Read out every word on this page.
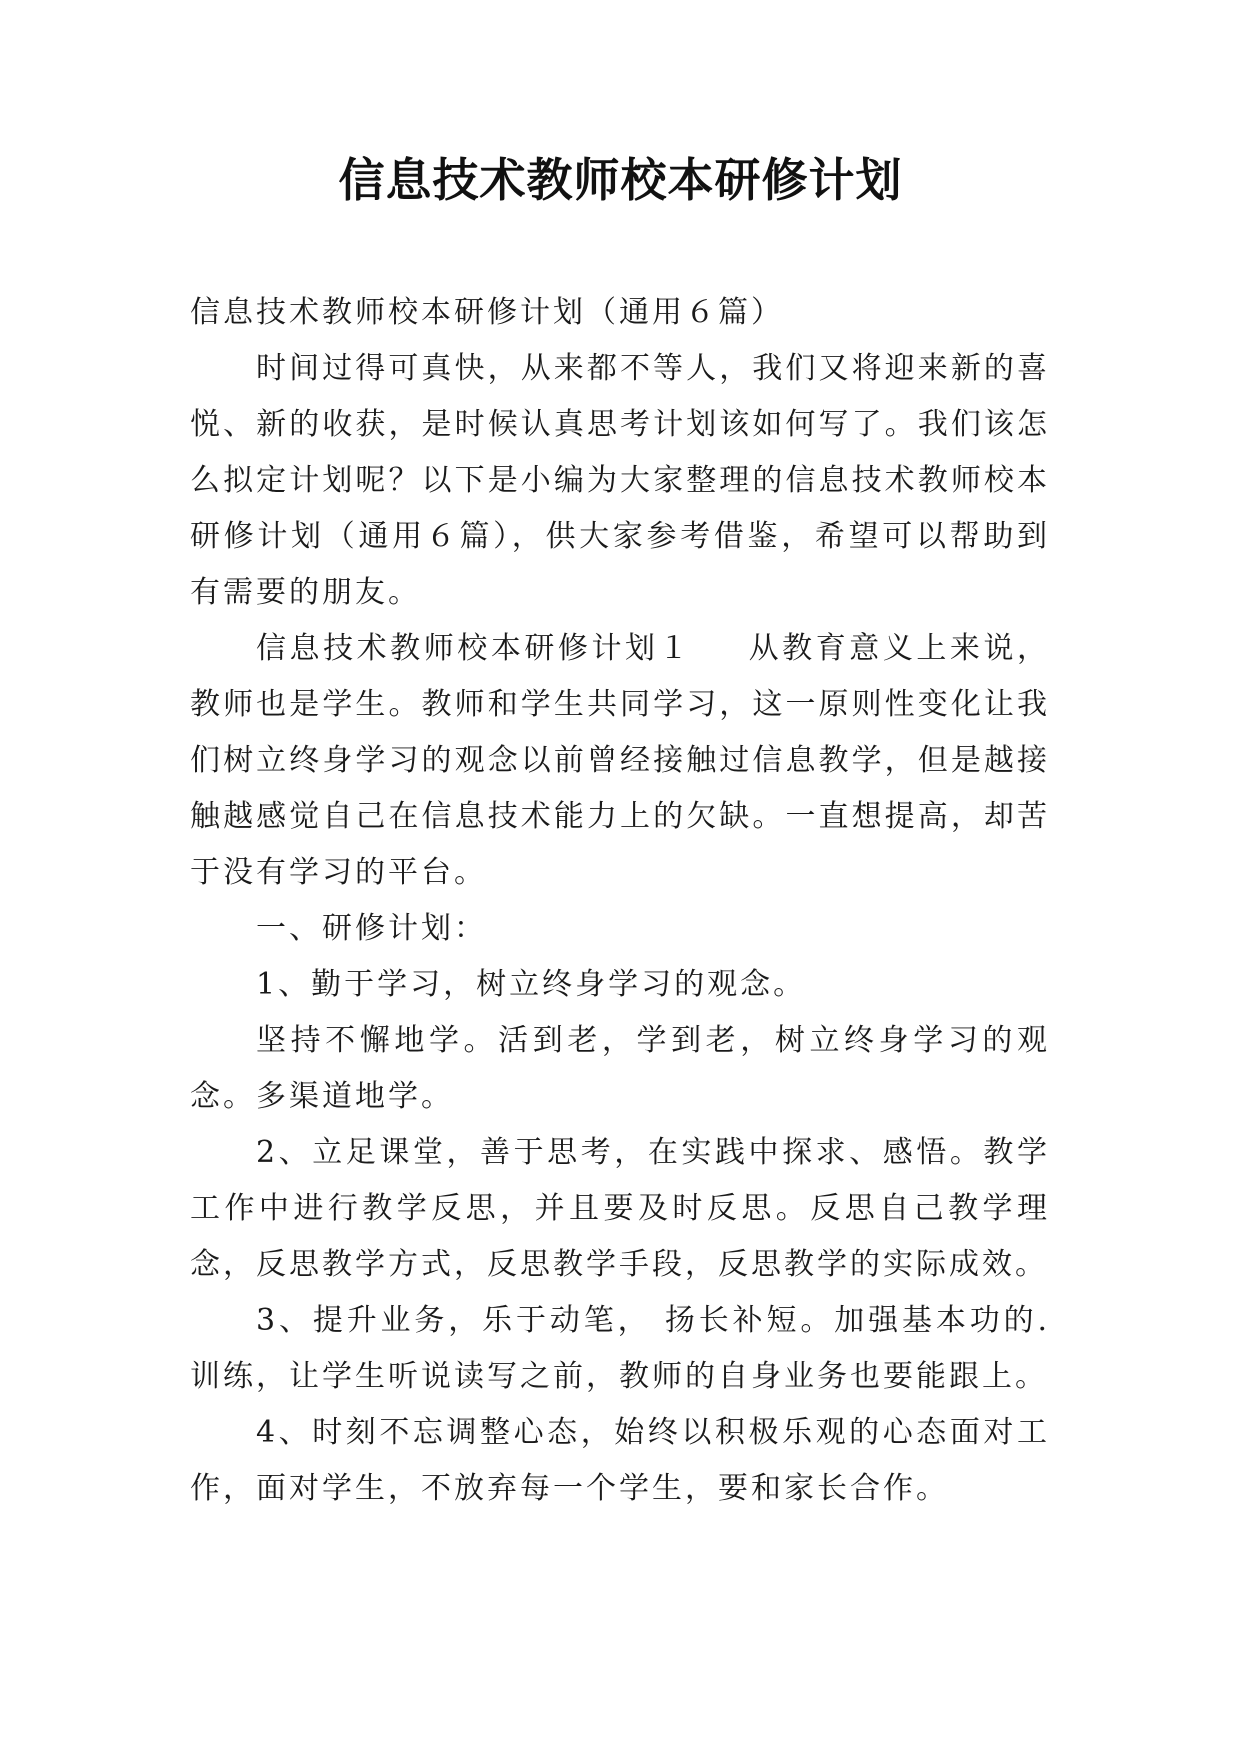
信息技术教师校本研修计划

信息技术教师校本研修计划（通用６篇）

时间过得可真快，从来都不等人，我们又将迎来新的喜悦、新的收获，是时候认真思考计划该如何写了。我们该怎么拟定计划呢？以下是小编为大家整理的信息技术教师校本研修计划（通用６篇），供大家参考借鉴，希望可以帮助到有需要的朋友。

信息技术教师校本研修计划１ 从教育意义上来说，教师也是学生。教师和学生共同学习，这一原则性变化让我们树立终身学习的观念以前曾经接触过信息教学，但是越接触越感觉自己在信息技术能力上的欠缺。一直想提高，却苦于没有学习的平台。

一、研修计划：

1、勤于学习，树立终身学习的观念。

坚持不懈地学。活到老，学到老，树立终身学习的观念。多渠道地学。

2、立足课堂，善于思考，在实践中探求、感悟。教学工作中进行教学反思，并且要及时反思。反思自己教学理念，反思教学方式，反思教学手段，反思教学的实际成效。

3、提升业务，乐于动笔， 扬长补短。加强基本功的.训练，让学生听说读写之前，教师的自身业务也要能跟上。

4、时刻不忘调整心态，始终以积极乐观的心态面对工作，面对学生，不放弃每一个学生，要和家长合作。
